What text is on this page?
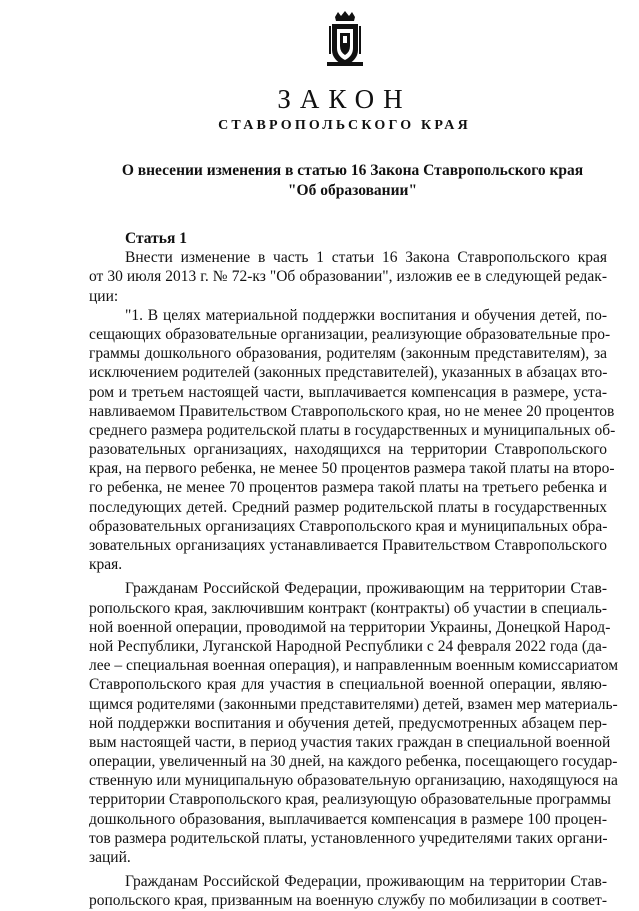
ЗАКОН
СТАВРОПОЛЬСКОГО КРАЯ
О внесении изменения в статью 16 Закона Ставропольского края
"Об образовании"
Статья 1
Внести изменение в часть 1 статьи 16 Закона Ставропольского края
от 30 июля 2013 г. № 72-кз "Об образовании", изложив ее в следующей редак-
ции:
"1. В целях материальной поддержки воспитания и обучения детей, по-
сещающих образовательные организации, реализующие образовательные про-
граммы дошкольного образования, родителям (законным представителям), за
исключением родителей (законных представителей), указанных в абзацах вто-
ром и третьем настоящей части, выплачивается компенсация в размере, уста-
навливаемом Правительством Ставропольского края, но не менее 20 процентов
среднего размера родительской платы в государственных и муниципальных об-
разовательных организациях, находящихся на территории Ставропольского
края, на первого ребенка, не менее 50 процентов размера такой платы на второ-
го ребенка, не менее 70 процентов размера такой платы на третьего ребенка и
последующих детей. Средний размер родительской платы в государственных
образовательных организациях Ставропольского края и муниципальных обра-
зовательных организациях устанавливается Правительством Ставропольского
края.
Гражданам Российской Федерации, проживающим на территории Став-
ропольского края, заключившим контракт (контракты) об участии в специаль-
ной военной операции, проводимой на территории Украины, Донецкой Народ-
ной Республики, Луганской Народной Республики с 24 февраля 2022 года (да-
лее – специальная военная операция), и направленным военным комиссариатом
Ставропольского края для участия в специальной военной операции, являю-
щимся родителями (законными представителями) детей, взамен мер материаль-
ной поддержки воспитания и обучения детей, предусмотренных абзацем пер-
вым настоящей части, в период участия таких граждан в специальной военной
операции, увеличенный на 30 дней, на каждого ребенка, посещающего государ-
ственную или муниципальную образовательную организацию, находящуюся на
территории Ставропольского края, реализующую образовательные программы
дошкольного образования, выплачивается компенсация в размере 100 процен-
тов размера родительской платы, установленного учредителями таких органи-
заций.
Гражданам Российской Федерации, проживающим на территории Став-
ропольского края, призванным на военную службу по мобилизации в соответ-
